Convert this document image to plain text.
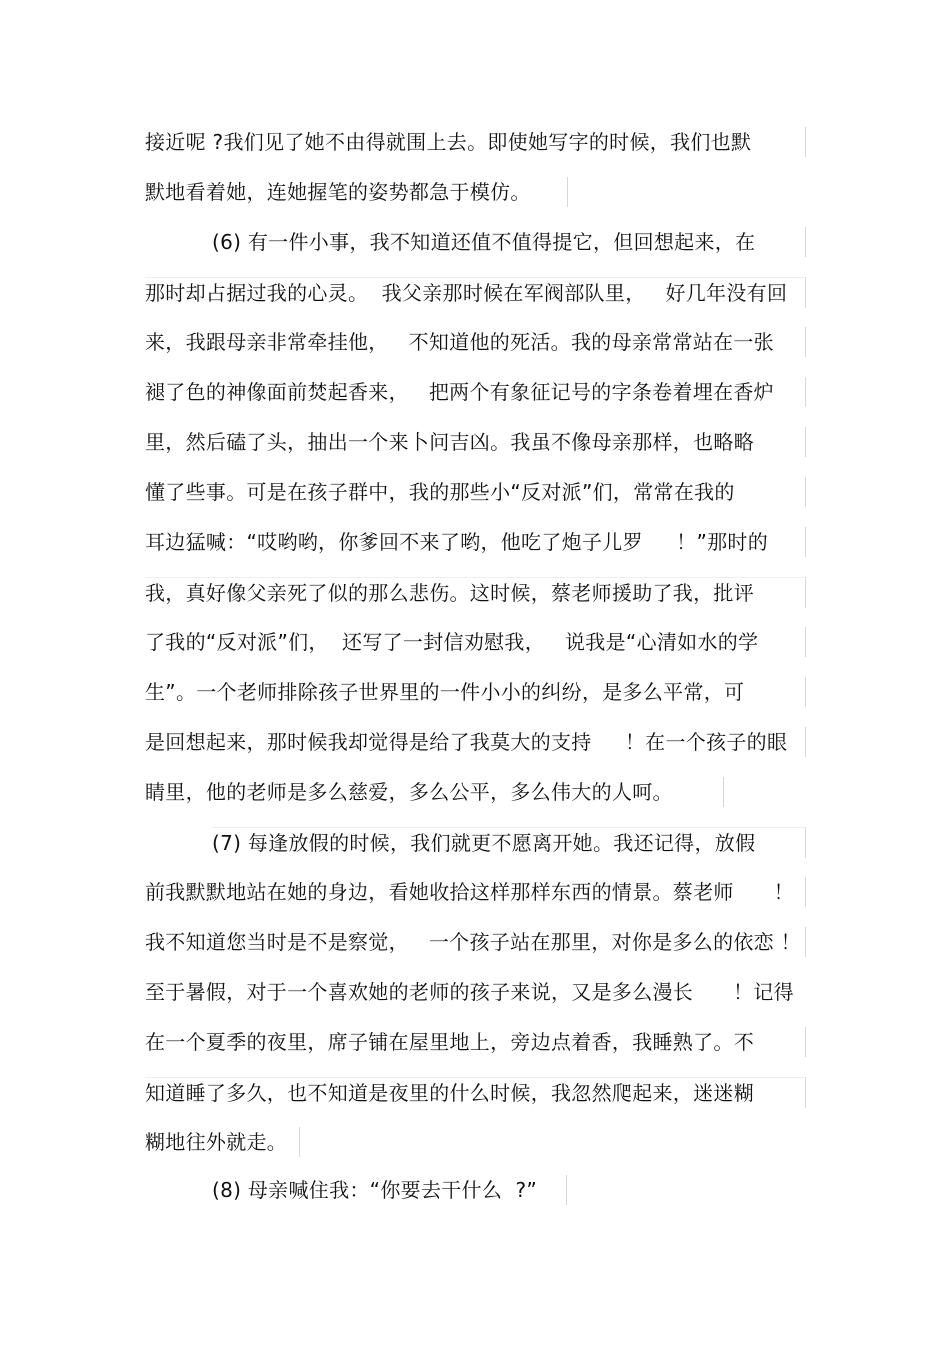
接近呢 ?我们见了她不由得就围上去。即使她写字的时候，我们也默
默地看着她，连她握笔的姿势都急于模仿。
(6) 有一件小事，我不知道还值不值得提它，但回想起来，在
那时却占据过我的心灵。  我父亲那时候在军阀部队里，   好几年没有回
来，我跟母亲非常牵挂他，   不知道他的死活。我的母亲常常站在一张
褪了色的神像面前焚起香来，   把两个有象征记号的字条卷着埋在香炉
里，然后磕了头，抽出一个来卜问吉凶。我虽不像母亲那样，也略略
懂了些事。可是在孩子群中，我的那些小“反对派”们，常常在我的
耳边猛喊：“哎哟哟，你爹回不来了哟，他吃了炮子儿罗     ！”那时的
我，真好像父亲死了似的那么悲伤。这时候，蔡老师援助了我，批评
了我的“反对派”们，  还写了一封信劝慰我，   说我是“心清如水的学
生”。一个老师排除孩子世界里的一件小小的纠纷，是多么平常，可
是回想起来，那时候我却觉得是给了我莫大的支持     ！在一个孩子的眼
睛里，他的老师是多么慈爱，多么公平，多么伟大的人呵。
(7) 每逢放假的时候，我们就更不愿离开她。我还记得，放假
前我默默地站在她的身边，看她收拾这样那样东西的情景。蔡老师      ！
我不知道您当时是不是察觉，   一个孩子站在那里，对你是多么的依恋 ！
至于暑假，对于一个喜欢她的老师的孩子来说，又是多么漫长      ！记得
在一个夏季的夜里，席子铺在屋里地上，旁边点着香，我睡熟了。不
知道睡了多久，也不知道是夜里的什么时候，我忽然爬起来，迷迷糊
糊地往外就走。
(8) 母亲喊住我：“你要去干什么  ?”
